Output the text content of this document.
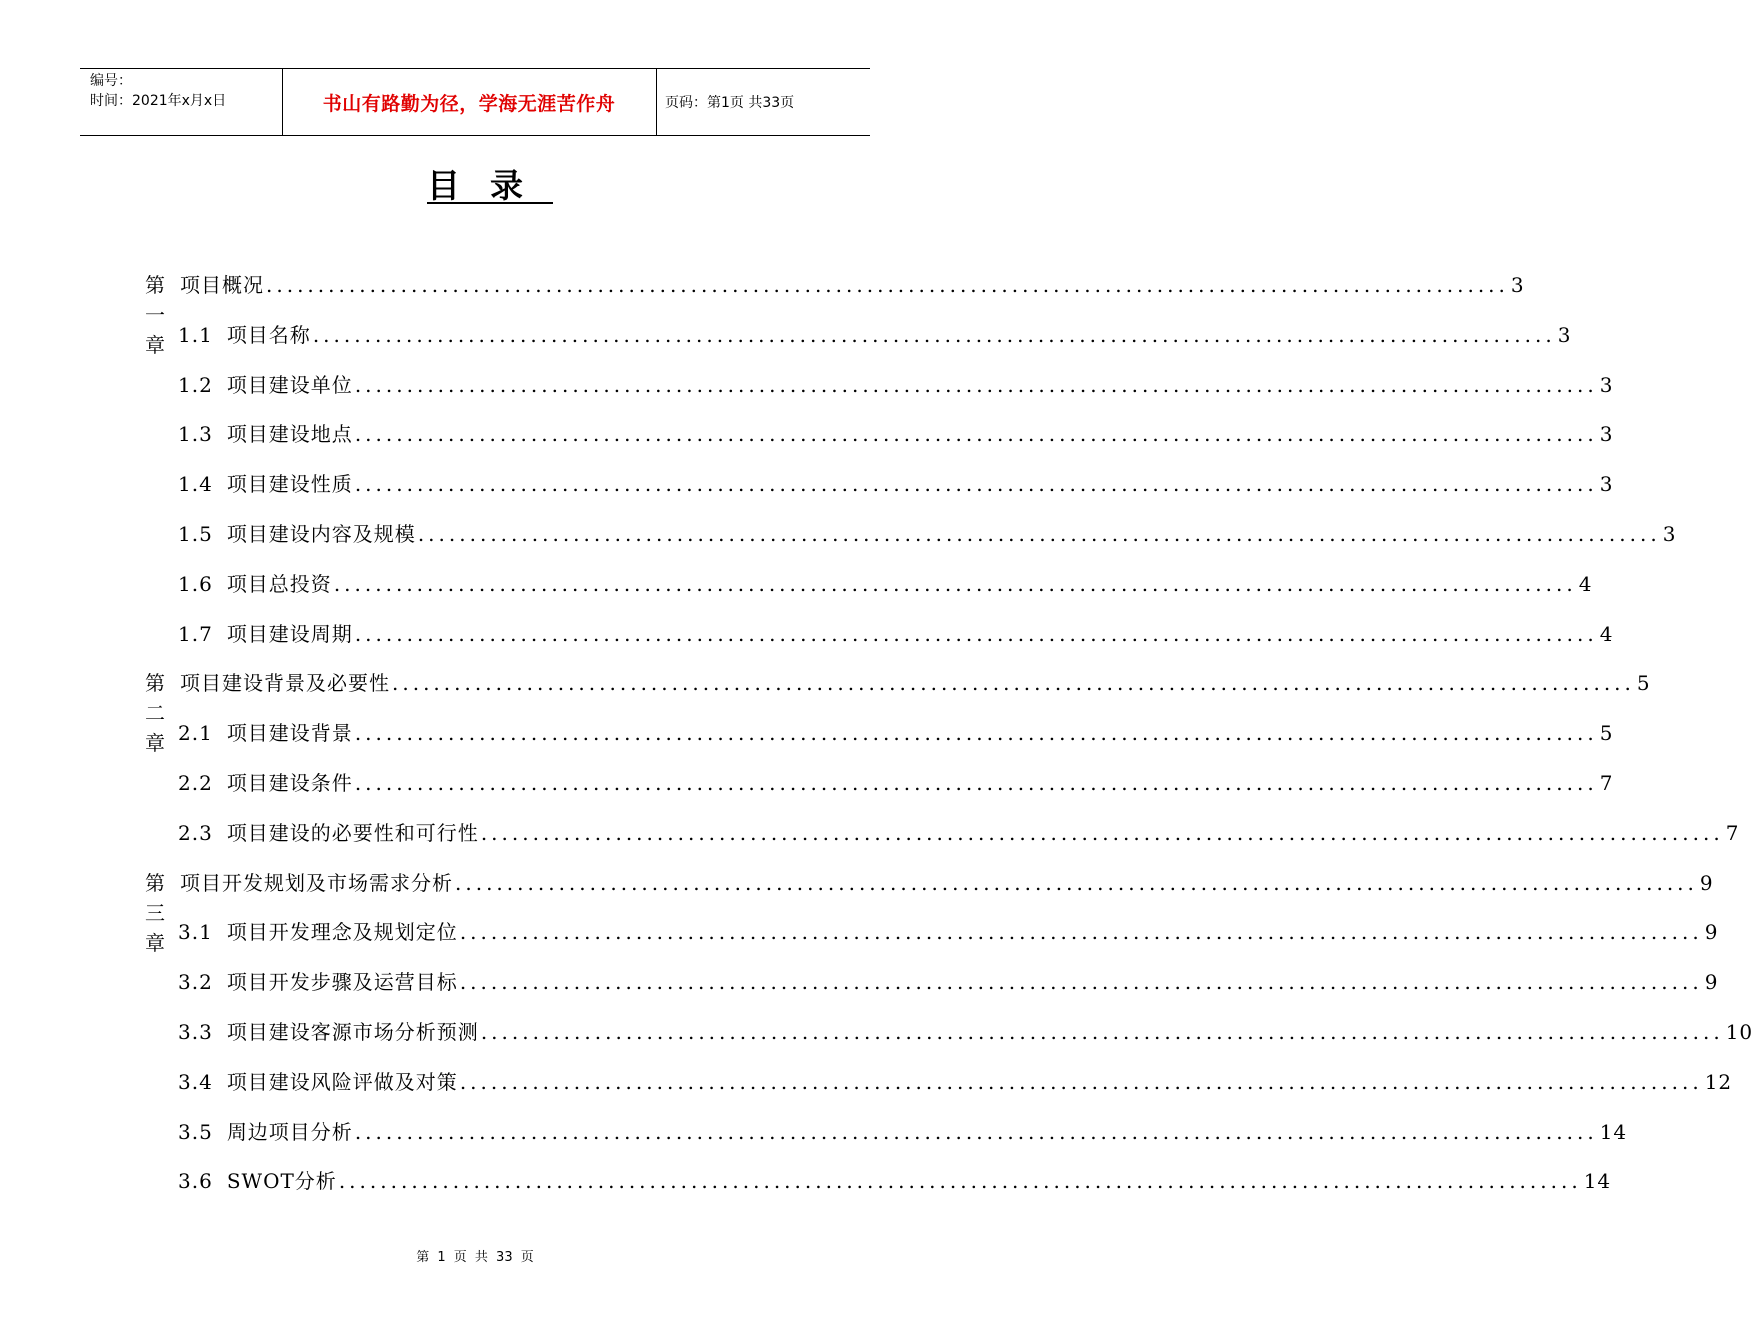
编号：
时间：2021年x月x日	书山有路勤为径，学海无涯苦作舟	页码：第1页 共33页
目录
第一章
项目概况 ........................................................................................................................ 3
1.1 项目名称 ........................................................................................................................ 3
1.2 项目建设单位 ........................................................................................................................ 3
1.3 项目建设地点 ........................................................................................................................ 3
1.4 项目建设性质 ........................................................................................................................ 3
1.5 项目建设内容及规模 ........................................................................................................................ 3
1.6 项目总投资 ........................................................................................................................ 4
1.7 项目建设周期 ........................................................................................................................ 4
第二章
项目建设背景及必要性 ........................................................................................................................ 5
2.1 项目建设背景 ........................................................................................................................ 5
2.2 项目建设条件 ........................................................................................................................ 7
2.3 项目建设的必要性和可行性 ........................................................................................................................ 7
第三章
项目开发规划及市场需求分析 ........................................................................................................................ 9
3.1 项目开发理念及规划定位 ........................................................................................................................ 9
3.2 项目开发步骤及运营目标 ........................................................................................................................ 9
3.3 项目建设客源市场分析预测 ........................................................................................................................ 10
3.4 项目建设风险评做及对策 ........................................................................................................................ 12
3.5 周边项目分析 ........................................................................................................................ 14
3.6 SWOT分析 ........................................................................................................................ 14
第 1 页 共 33 页
